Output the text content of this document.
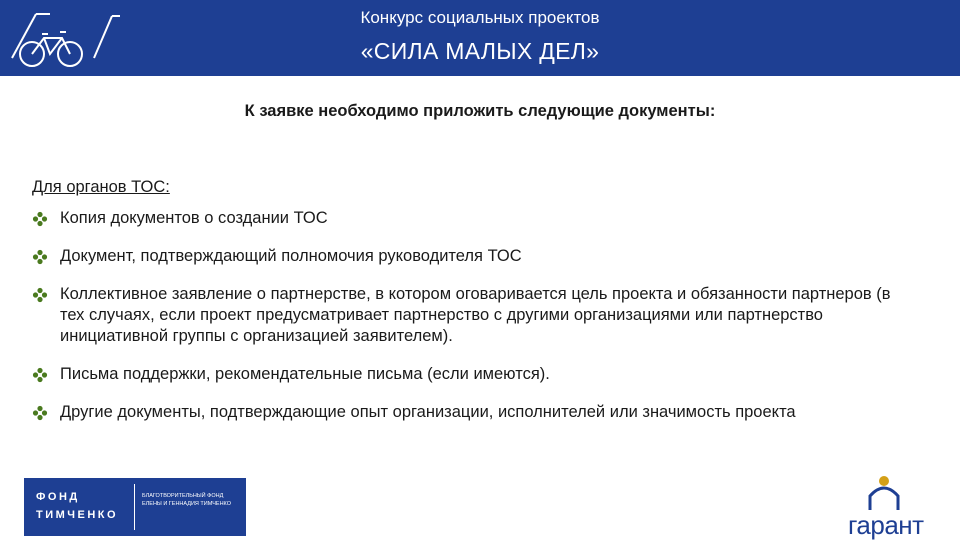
Конкурс социальных проектов
«СИЛА МАЛЫХ ДЕЛ»
К заявке необходимо приложить следующие документы:
Для органов ТОС:
Копия документов о создании ТОС
Документ, подтверждающий полномочия руководителя ТОС
Коллективное заявление о партнерстве, в котором оговаривается цель проекта и обязанности партнеров (в тех случаях, если проект предусматривает партнерство с другими организациями или партнерство инициативной группы с организацией заявителем).
Письма поддержки, рекомендательные письма (если имеются).
Другие документы, подтверждающие опыт организации, исполнителей или значимость проекта
ФОНД
ТИМЧЕНКО
БЛАГОТВОРИТЕЛЬНЫЙ ФОНД ЕЛЕНЫ И ГЕННАДИЯ ТИМЧЕНКО
гарант
